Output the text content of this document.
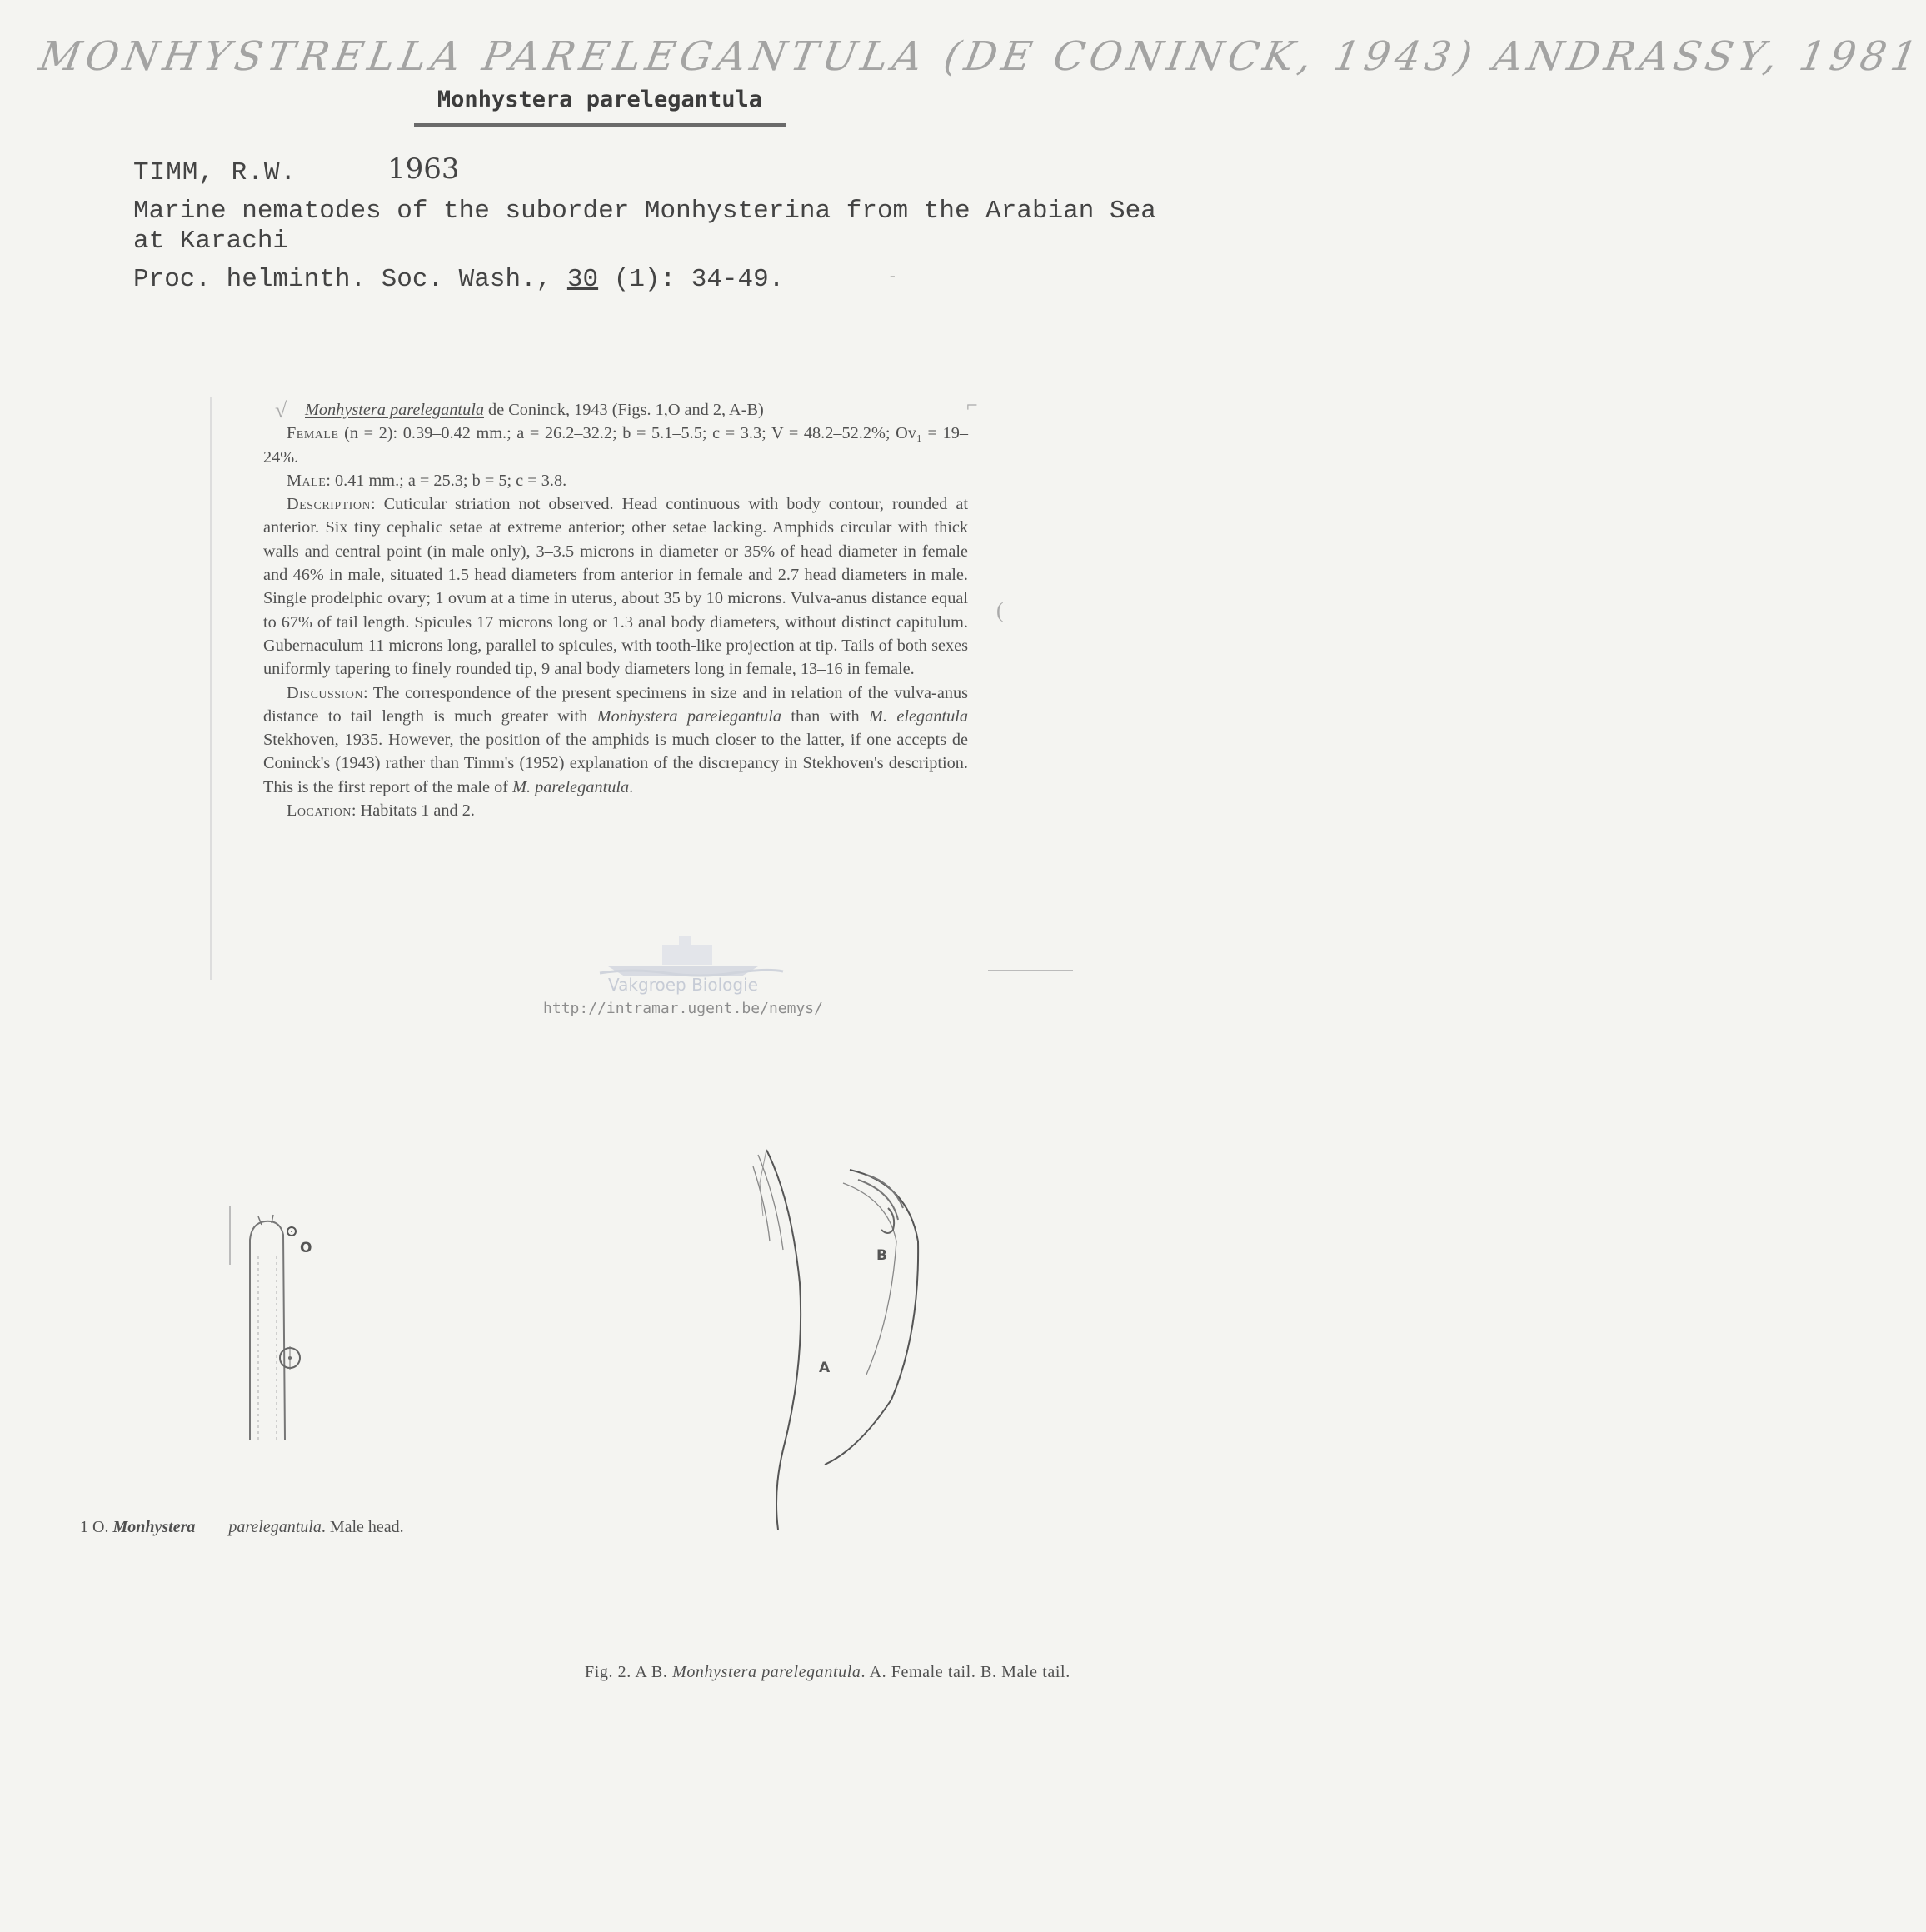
MONHYSTRELLA PARELEGANTULA (DE CONINCK, 1943) ANDRASSY, 1981
Monhystera parelegantula
TIMM, R.W.	1963
Marine nematodes of the suborder Monhysterina from the Arabian Sea
at Karachi
Proc. helminth. Soc. Wash., 30 (1): 34-49.	-
⌐
(
√	Monhystera parelegantula de Coninck, 1943 (Figs. 1,O and 2, A-B)

Female (n = 2): 0.39–0.42 mm.; a = 26.2–32.2; b = 5.1–5.5; c = 3.3; V = 48.2–52.2%; Ov₁ = 19–24%.

Male: 0.41 mm.; a = 25.3; b = 5; c = 3.8.

Description: Cuticular striation not observed. Head continuous with body contour, rounded at anterior. Six tiny cephalic setae at extreme anterior; other setae lacking. Amphids circular with thick walls and central point (in male only), 3–3.5 microns in diameter or 35% of head diameter in female and 46% in male, situated 1.5 head diameters from anterior in female and 2.7 head diameters in male. Single prodelphic ovary; 1 ovum at a time in uterus, about 35 by 10 microns. Vulva-anus distance equal to 67% of tail length. Spicules 17 microns long or 1.3 anal body diameters, without distinct capitulum. Gubernaculum 11 microns long, parallel to spicules, with tooth-like projection at tip. Tails of both sexes uniformly tapering to finely rounded tip, 9 anal body diameters long in female, 13–16 in female.

Discussion: The correspondence of the present specimens in size and in relation of the vulva-anus distance to tail length is much greater with Monhystera parelegantula than with M. elegantula Stekhoven, 1935. However, the position of the amphids is much closer to the latter, if one accepts de Coninck's (1943) rather than Timm's (1952) explanation of the discrepancy in Stekhoven's description. This is the first report of the male of M. parelegantula.

Location: Habitats 1 and 2.

Vakgroep Biologie
http://intramar.ugent.be/nemys/
O
1 O. Monhystera parelegantula. Male head.
A
B
Fig. 2. A B. Monhystera parelegantula. A. Female tail. B. Male tail.
